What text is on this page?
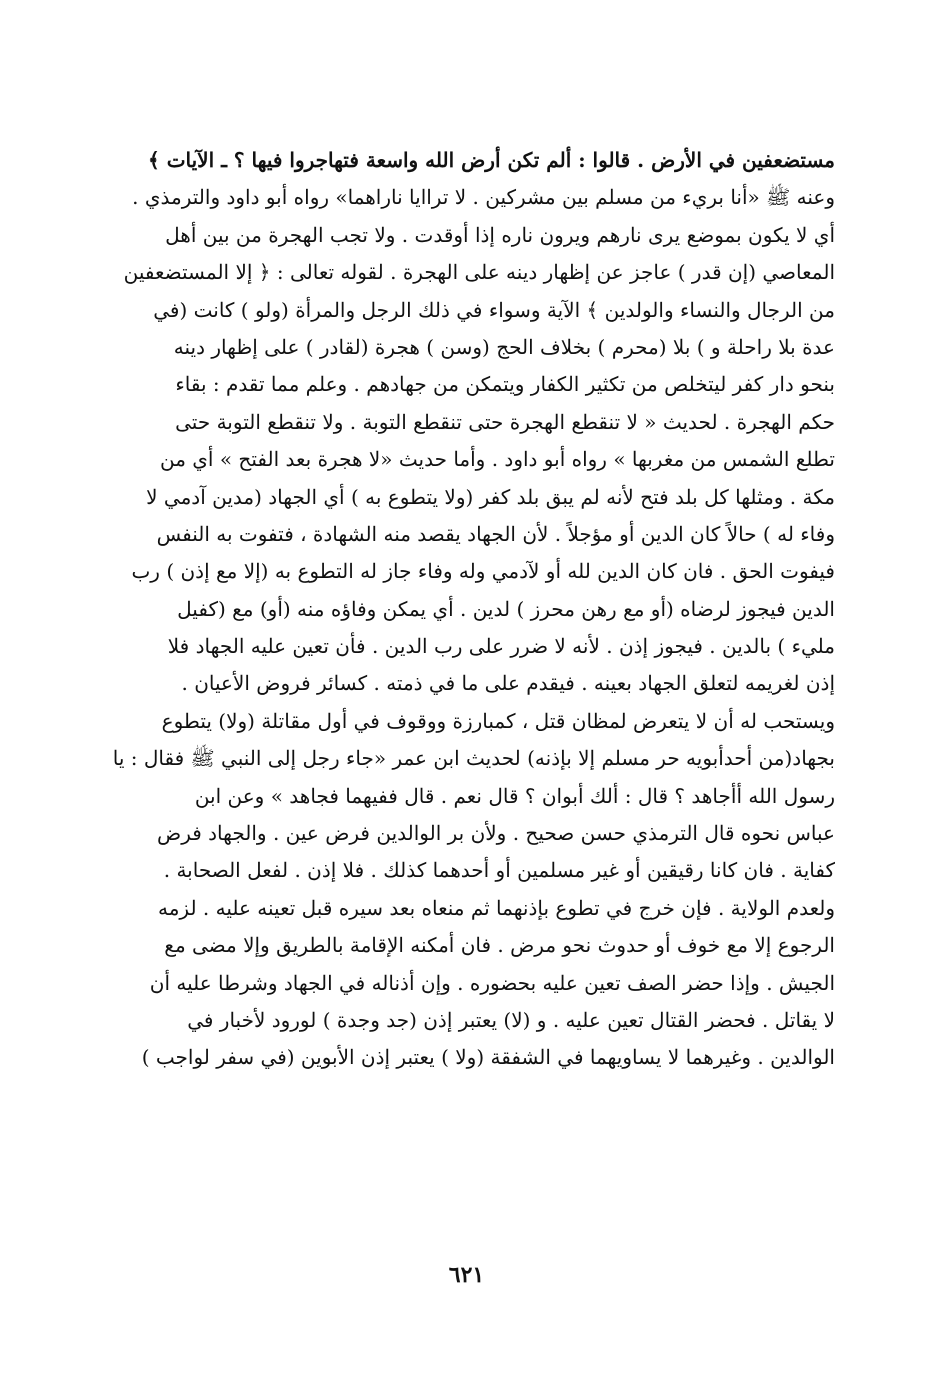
مستضعفين في الأرض . قالوا : ألم تكن أرض الله واسعة فتهاجروا فيها ؟ ـ الآيات ﴾
وعنه ﷺ «أنا بريء من مسلم بين مشركين . لا تراايا ناراهما» رواه أبو داود والترمذي .
أي لا يكون بموضع يرى نارهم ويرون ناره إذا أوقدت . ولا تجب الهجرة من بين أهل
المعاصي (إن قدر ) عاجز عن إظهار دينه على الهجرة . لقوله تعالى : ﴿ إلا المستضعفين
من الرجال والنساء والولدين ﴾ الآية وسواء في ذلك الرجل والمرأة (ولو ) كانت (في
عدة بلا راحلة و ) بلا (محرم ) بخلاف الحج (وسن ) هجرة (لقادر ) على إظهار دينه
بنحو دار كفر ليتخلص من تكثير الكفار ويتمكن من جهادهم . وعلم مما تقدم : بقاء
حكم الهجرة . لحديث « لا تنقطع الهجرة حتى تنقطع التوبة . ولا تنقطع التوبة حتى
تطلع الشمس من مغربها » رواه أبو داود . وأما حديث «لا هجرة بعد الفتح » أي من
مكة . ومثلها كل بلد فتح لأنه لم يبق بلد كفر (ولا يتطوع به ) أي الجهاد (مدين آدمي لا
وفاء له ) حالاً كان الدين أو مؤجلاً . لأن الجهاد يقصد منه الشهادة ، فتفوت به النفس
فيفوت الحق . فان كان الدين لله أو لآدمي وله وفاء جاز له التطوع به (إلا مع إذن ) رب
الدين فيجوز لرضاه (أو مع رهن محرز ) لدين . أي يمكن وفاؤه منه (أو) مع (كفيل
مليء ) بالدين . فيجوز إذن . لأنه لا ضرر على رب الدين . فأن تعين عليه الجهاد فلا
إذن لغريمه لتعلق الجهاد بعينه . فيقدم على ما في ذمته . كسائر فروض الأعيان .
ويستحب له أن لا يتعرض لمظان قتل ، كمبارزة ووقوف في أول مقاتلة (ولا) يتطوع
بجهاد(من أحدأبويه حر مسلم إلا بإذنه) لحديث ابن عمر «جاء رجل إلى النبي ﷺ فقال : يا
رسول الله أأجاهد ؟ قال : ألك أبوان ؟ قال نعم . قال ففيهما فجاهد » وعن ابن
عباس نحوه قال الترمذي حسن صحيح . ولأن بر الوالدين فرض عين . والجهاد فرض
كفاية . فان كانا رقيقين أو غير مسلمين أو أحدهما كذلك . فلا إذن . لفعل الصحابة .
ولعدم الولاية . فإن خرج في تطوع بإذنهما ثم منعاه بعد سيره قبل تعينه عليه . لزمه
الرجوع إلا مع خوف أو حدوث نحو مرض . فان أمكنه الإقامة بالطريق وإلا مضى مع
الجيش . وإذا حضر الصف تعين عليه بحضوره . وإن أذناله في الجهاد وشرطا عليه أن
لا يقاتل . فحضر القتال تعين عليه . و (لا) يعتبر إذن (جد وجدة ) لورود لأخبار في
الوالدين . وغيرهما لا يساويهما في الشفقة (ولا ) يعتبر إذن الأبوين (في سفر لواجب )
٦٢١
